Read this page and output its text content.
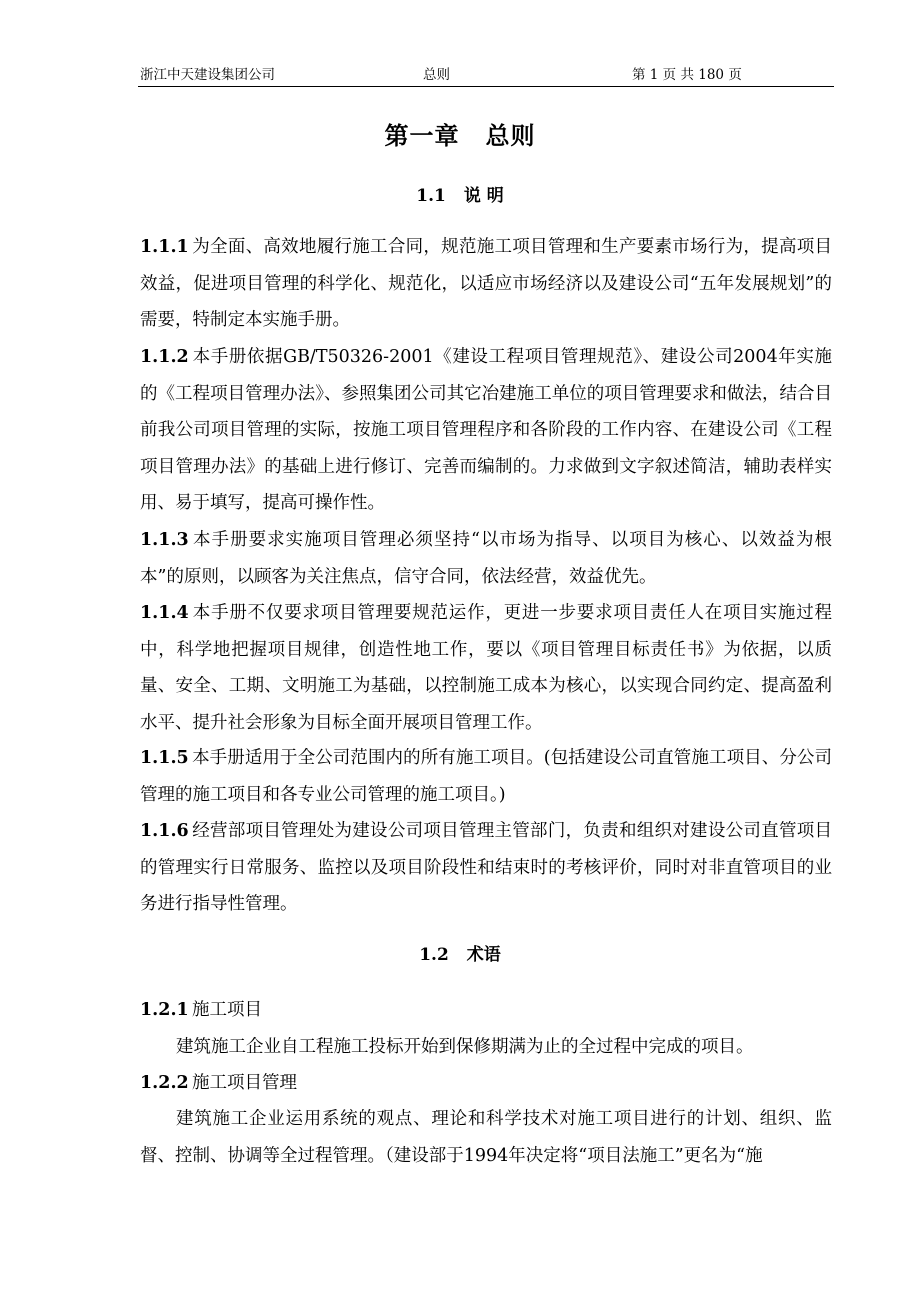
浙江中天建设集团公司	总则	第 1 页 共 180 页
第一章 总则
1.1 说 明
1.1.1 为全面、高效地履行施工合同，规范施工项目管理和生产要素市场行为，提高项目效益，促进项目管理的科学化、规范化，以适应市场经济以及建设公司“五年发展规划”的需要，特制定本实施手册。
1.1.2 本手册依据GB/T50326-2001《建设工程项目管理规范》、建设公司2004年实施的《工程项目管理办法》、参照集团公司其它冶建施工单位的项目管理要求和做法，结合目前我公司项目管理的实际，按施工项目管理程序和各阶段的工作内容、在建设公司《工程项目管理办法》的基础上进行修订、完善而编制的。力求做到文字叙述简洁，辅助表样实用、易于填写，提高可操作性。
1.1.3 本手册要求实施项目管理必须坚持“以市场为指导、以项目为核心、以效益为根本”的原则，以顾客为关注焦点，信守合同，依法经营，效益优先。
1.1.4 本手册不仅要求项目管理要规范运作，更进一步要求项目责任人在项目实施过程中，科学地把握项目规律，创造性地工作，要以《项目管理目标责任书》为依据，以质量、安全、工期、文明施工为基础，以控制施工成本为核心，以实现合同约定、提高盈利水平、提升社会形象为目标全面开展项目管理工作。
1.1.5 本手册适用于全公司范围内的所有施工项目。(包括建设公司直管施工项目、分公司管理的施工项目和各专业公司管理的施工项目。)
1.1.6 经营部项目管理处为建设公司项目管理主管部门，负责和组织对建设公司直管项目的管理实行日常服务、监控以及项目阶段性和结束时的考核评价，同时对非直管项目的业务进行指导性管理。
1.2 术语
1.2.1 施工项目
建筑施工企业自工程施工投标开始到保修期满为止的全过程中完成的项目。
1.2.2 施工项目管理
建筑施工企业运用系统的观点、理论和科学技术对施工项目进行的计划、组织、监督、控制、协调等全过程管理。（建设部于1994年决定将“项目法施工”更名为“施
